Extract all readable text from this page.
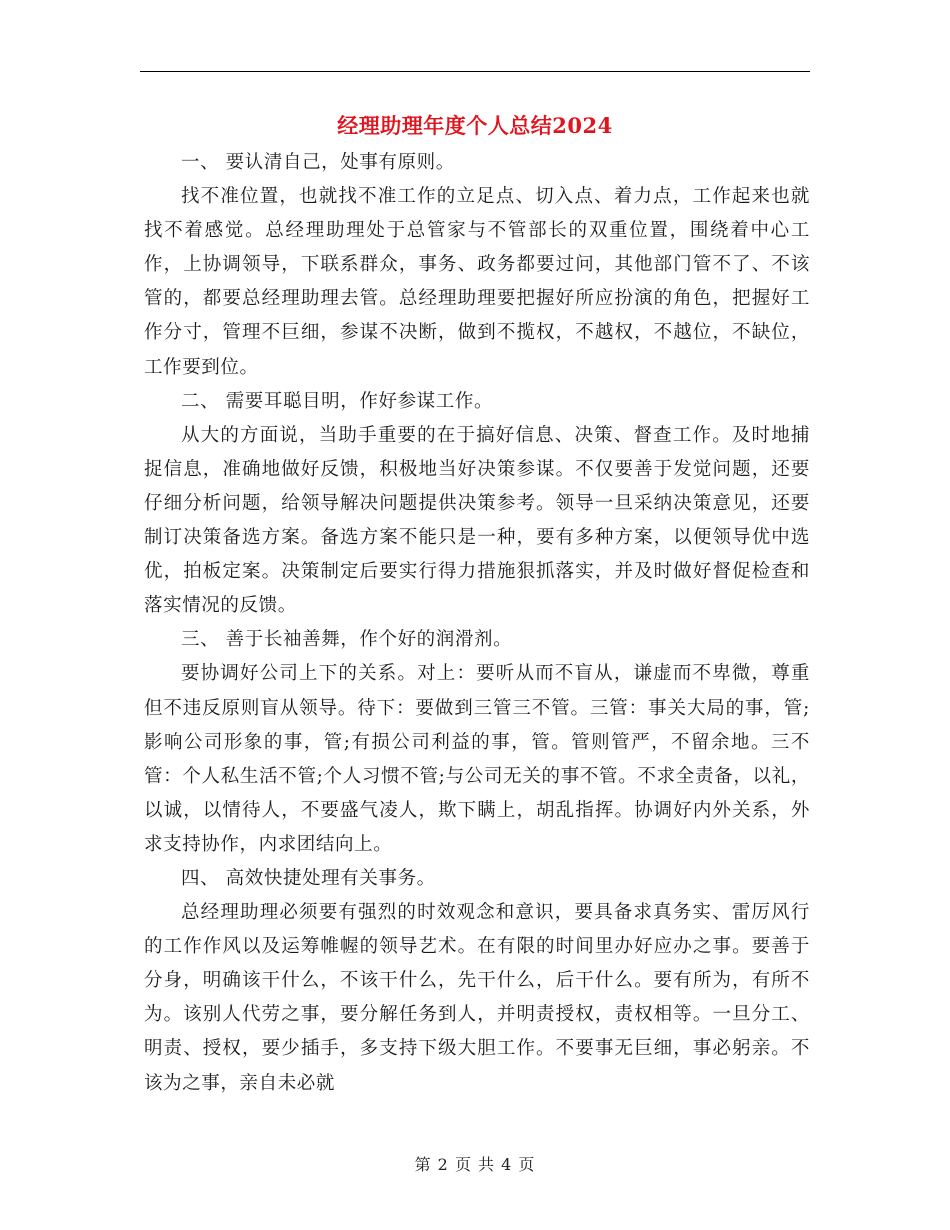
经理助理年度个人总结2024

一、 要认清自己，处事有原则。

找不准位置，也就找不准工作的立足点、切入点、着力点，工作起来也就找不着感觉。总经理助理处于总管家与不管部长的双重位置，围绕着中心工作，上协调领导，下联系群众，事务、政务都要过问，其他部门管不了、不该管的，都要总经理助理去管。总经理助理要把握好所应扮演的角色，把握好工作分寸，管理不巨细，参谋不决断，做到不揽权，不越权，不越位，不缺位，工作要到位。

二、 需要耳聪目明，作好参谋工作。

从大的方面说，当助手重要的在于搞好信息、决策、督查工作。及时地捕捉信息，准确地做好反馈，积极地当好决策参谋。不仅要善于发觉问题，还要仔细分析问题，给领导解决问题提供决策参考。领导一旦采纳决策意见，还要制订决策备选方案。备选方案不能只是一种，要有多种方案，以便领导优中选优，拍板定案。决策制定后要实行得力措施狠抓落实，并及时做好督促检查和落实情况的反馈。

三、 善于长袖善舞，作个好的润滑剂。

要协调好公司上下的关系。对上：要听从而不盲从，谦虚而不卑微，尊重但不违反原则盲从领导。待下：要做到三管三不管。三管：事关大局的事，管;影响公司形象的事，管;有损公司利益的事，管。管则管严，不留余地。三不管：个人私生活不管;个人习惯不管;与公司无关的事不管。不求全责备，以礼，以诚，以情待人，不要盛气凌人，欺下瞒上，胡乱指挥。协调好内外关系，外求支持协作，内求团结向上。

四、 高效快捷处理有关事务。

总经理助理必须要有强烈的时效观念和意识，要具备求真务实、雷厉风行的工作作风以及运筹帷幄的领导艺术。在有限的时间里办好应办之事。要善于分身，明确该干什么，不该干什么，先干什么，后干什么。要有所为，有所不为。该别人代劳之事，要分解任务到人，并明责授权，责权相等。一旦分工、明责、授权，要少插手，多支持下级大胆工作。不要事无巨细，事必躬亲。不该为之事，亲自未必就

第 2 页 共 4 页
